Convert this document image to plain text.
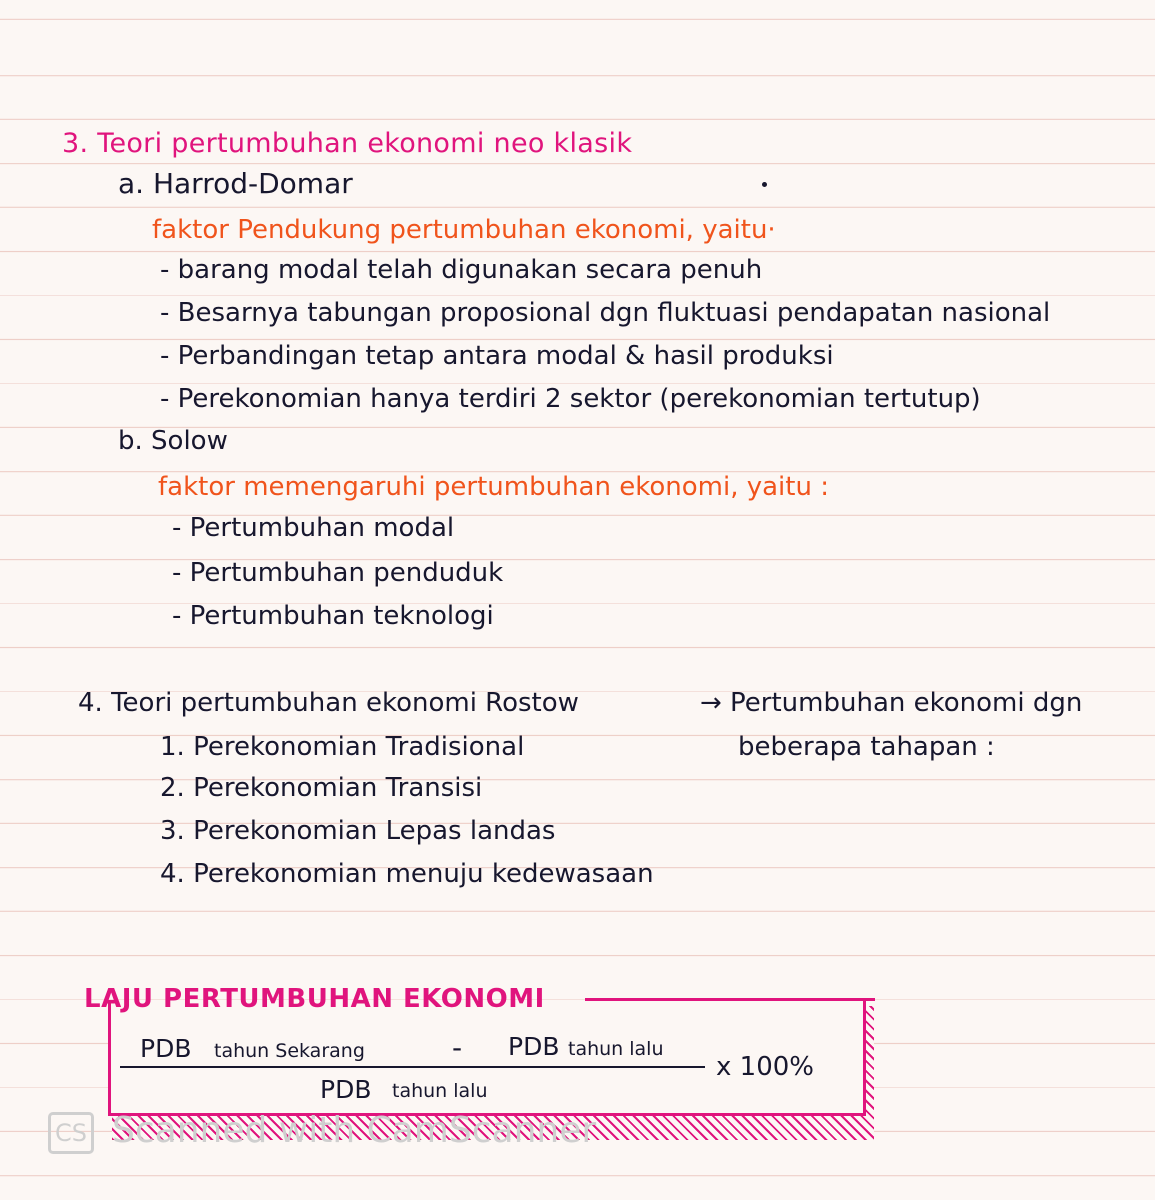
3. Teori pertumbuhan ekonomi neo klasik
a. Harrod-Domar
faktor Pendukung pertumbuhan ekonomi, yaitu·
- barang modal telah digunakan secara penuh
- Besarnya tabungan proposional dgn fluktuasi pendapatan nasional
- Perbandingan tetap antara modal & hasil produksi
- Perekonomian hanya terdiri 2 sektor (perekonomian tertutup)
b. Solow
faktor memengaruhi pertumbuhan ekonomi, yaitu :
- Pertumbuhan modal
- Pertumbuhan penduduk
- Pertumbuhan teknologi
4. Teori pertumbuhan ekonomi Rostow	→ Pertumbuhan ekonomi dgn
beberapa tahapan :
1. Perekonomian Tradisional
2. Perekonomian Transisi
3. Perekonomian Lepas landas
4. Perekonomian menuju kedewasaan
LAJU PERTUMBUHAN EKONOMI
PDB tahun Sekarang	- PDB tahun lalu
PDB tahun lalu
x 100%
CS Scanned with CamScanner
